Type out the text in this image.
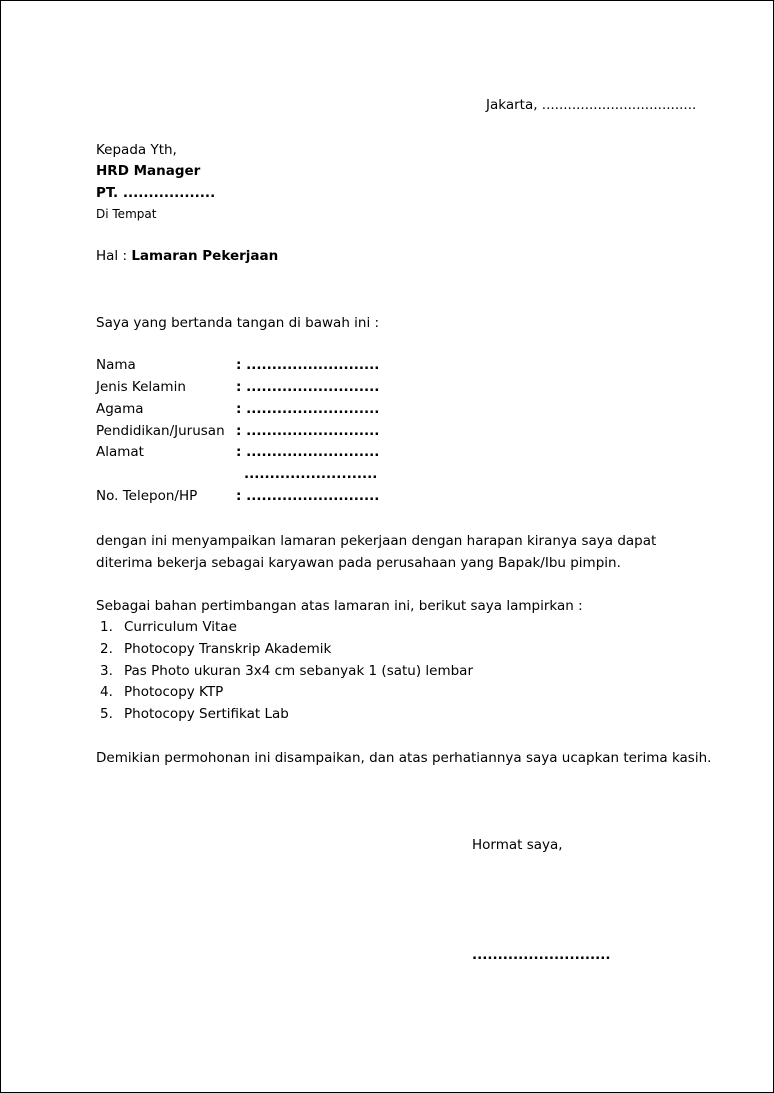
Jakarta, ....................................
Kepada Yth,
HRD Manager
PT. ..................
Di Tempat
Hal : Lamaran Pekerjaan
Saya yang bertanda tangan di bawah ini :
Nama	: ..........................
Jenis Kelamin	: ..........................
Agama	: ..........................
Pendidikan/Jurusan : ..........................
Alamat	: ..........................
..........................
No. Telepon/HP	: ..........................
dengan ini menyampaikan lamaran pekerjaan dengan harapan kiranya saya dapat diterima bekerja sebagai karyawan pada perusahaan yang Bapak/Ibu pimpin.
Sebagai bahan pertimbangan atas lamaran ini, berikut saya lampirkan :
1. Curriculum Vitae
2. Photocopy Transkrip Akademik
3. Pas Photo ukuran 3x4 cm sebanyak 1 (satu) lembar
4. Photocopy KTP
5. Photocopy Sertifikat Lab
Demikian permohonan ini disampaikan, dan atas perhatiannya saya ucapkan terima kasih.
Hormat saya,
...........................
